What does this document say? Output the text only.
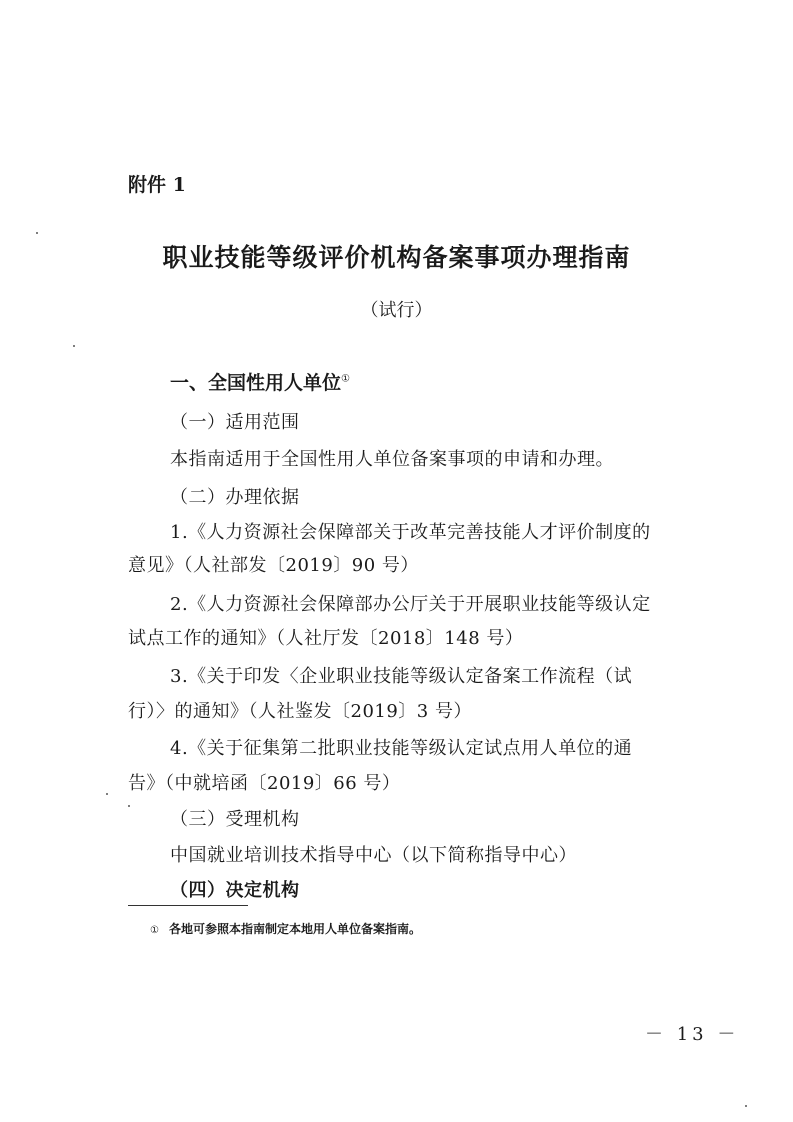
附件 1
职业技能等级评价机构备案事项办理指南
（试行）
一、全国性用人单位①
（一）适用范围
本指南适用于全国性用人单位备案事项的申请和办理。
（二）办理依据
1.《人力资源社会保障部关于改革完善技能人才评价制度的
意见》（人社部发〔2019〕90 号）
2.《人力资源社会保障部办公厅关于开展职业技能等级认定
试点工作的通知》（人社厅发〔2018〕148 号）
3.《关于印发〈企业职业技能等级认定备案工作流程（试
行）〉的通知》（人社鉴发〔2019〕3 号）
4.《关于征集第二批职业技能等级认定试点用人单位的通
告》（中就培函〔2019〕66 号）
（三）受理机构
中国就业培训技术指导中心（以下简称指导中心）
（四）决定机构
① 各地可参照本指南制定本地用人单位备案指南。
－ 13 －
